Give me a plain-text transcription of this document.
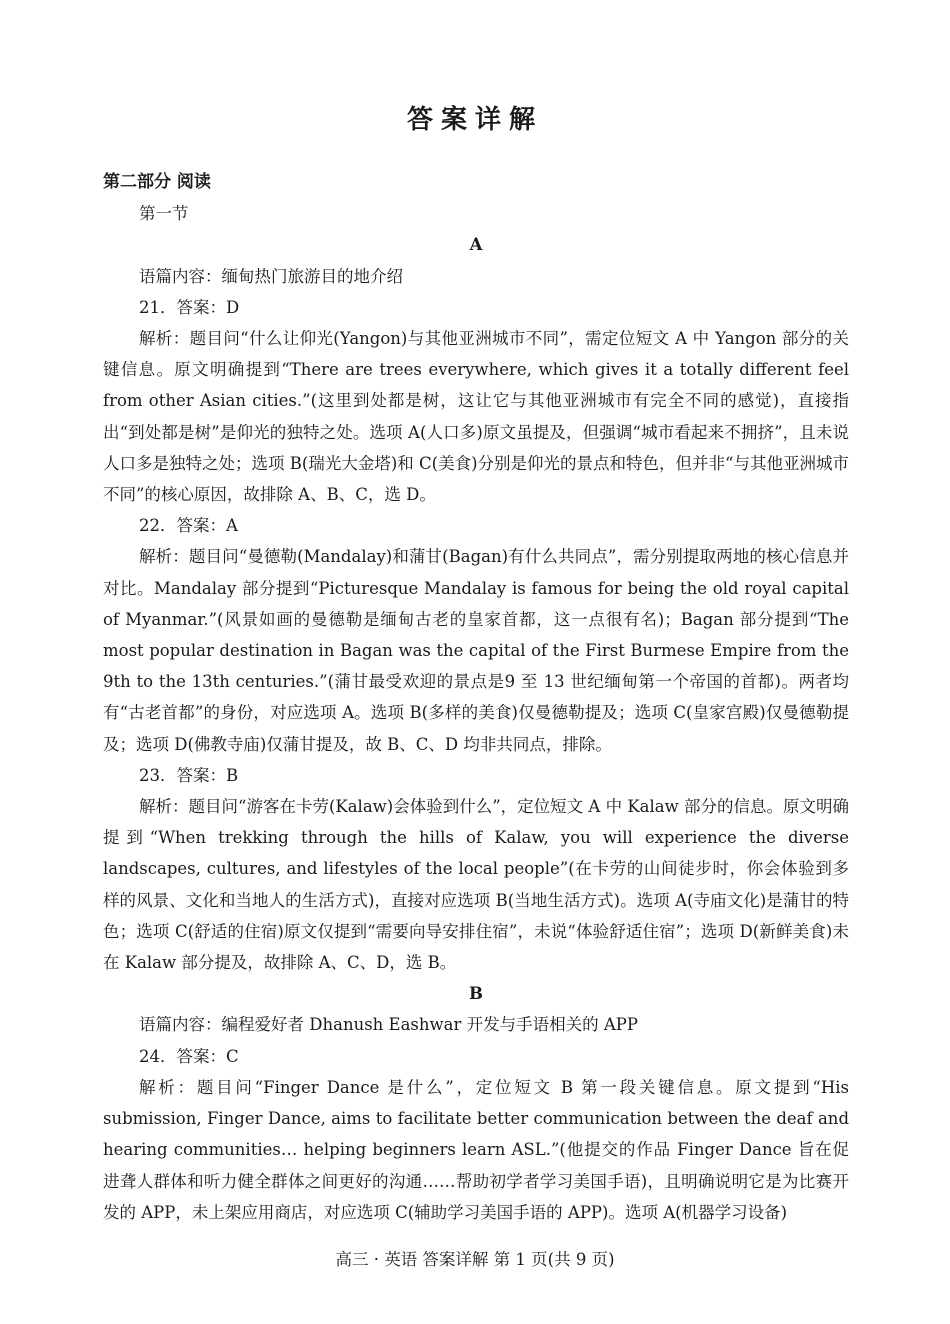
答案详解

第二部分 阅读

第一节

A

语篇内容：缅甸热门旅游目的地介绍

21．答案：D

解析：题目问“什么让仰光(Yangon)与其他亚洲城市不同”，需定位短文 A 中 Yangon 部分的关键信息。原文明确提到“There are trees everywhere, which gives it a totally different feel from other Asian cities.”(这里到处都是树，这让它与其他亚洲城市有完全不同的感觉)，直接指出“到处都是树”是仰光的独特之处。选项 A(人口多)原文虽提及，但强调“城市看起来不拥挤”，且未说人口多是独特之处；选项 B(瑞光大金塔)和 C(美食)分别是仰光的景点和特色，但并非“与其他亚洲城市不同”的核心原因，故排除 A、B、C，选 D。

22．答案：A

解析：题目问“曼德勒(Mandalay)和蒲甘(Bagan)有什么共同点”，需分别提取两地的核心信息并对比。Mandalay 部分提到“Picturesque Mandalay is famous for being the old royal capital of Myanmar.”(风景如画的曼德勒是缅甸古老的皇家首都，这一点很有名)；Bagan 部分提到“The most popular destination in Bagan was the capital of the First Burmese Empire from the 9th to the 13th centuries.”(蒲甘最受欢迎的景点是9 至 13 世纪缅甸第一个帝国的首都)。两者均有“古老首都”的身份，对应选项 A。选项 B(多样的美食)仅曼德勒提及；选项 C(皇家宫殿)仅曼德勒提及；选项 D(佛教寺庙)仅蒲甘提及，故 B、C、D 均非共同点，排除。

23．答案：B

解析：题目问“游客在卡劳(Kalaw)会体验到什么”，定位短文 A 中 Kalaw 部分的信息。原文明确提到“When trekking through the hills of Kalaw, you will experience the diverse landscapes, cultures, and lifestyles of the local people”(在卡劳的山间徒步时，你会体验到多样的风景、文化和当地人的生活方式)，直接对应选项 B(当地生活方式)。选项 A(寺庙文化)是蒲甘的特色；选项 C(舒适的住宿)原文仅提到“需要向导安排住宿”，未说“体验舒适住宿”；选项 D(新鲜美食)未在 Kalaw 部分提及，故排除 A、C、D，选 B。

B

语篇内容：编程爱好者 Dhanush Eashwar 开发与手语相关的 APP

24．答案：C

解析：题目问“Finger Dance 是什么”，定位短文 B 第一段关键信息。原文提到“His submission, Finger Dance, aims to facilitate better communication between the deaf and hearing communities… helping beginners learn ASL.”(他提交的作品 Finger Dance 旨在促进聋人群体和听力健全群体之间更好的沟通……帮助初学者学习美国手语)，且明确说明它是为比赛开发的 APP，未上架应用商店，对应选项 C(辅助学习美国手语的 APP)。选项 A(机器学习设备)

高三 · 英语 答案详解 第 1 页(共 9 页)
